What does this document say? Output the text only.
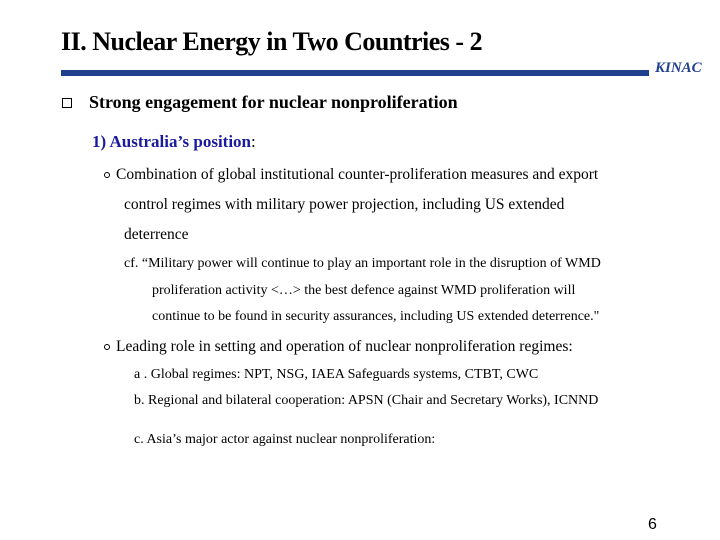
II. Nuclear Energy in Two Countries - 2
KINAC
Strong engagement for nuclear nonproliferation
1) Australia’s position:
Combination of global institutional counter-proliferation measures and export
control regimes with military power projection, including US extended
deterrence
cf. “Military power will continue to play an important role in the disruption of WMD
proliferation activity <…> the best defence against WMD proliferation will
continue to be found in security assurances, including US extended deterrence."
Leading role in setting and operation of nuclear nonproliferation regimes:
a . Global regimes: NPT, NSG, IAEA Safeguards systems, CTBT, CWC
b. Regional and bilateral cooperation: APSN (Chair and Secretary Works), ICNND
c. Asia’s major actor against nuclear nonproliferation:
6
